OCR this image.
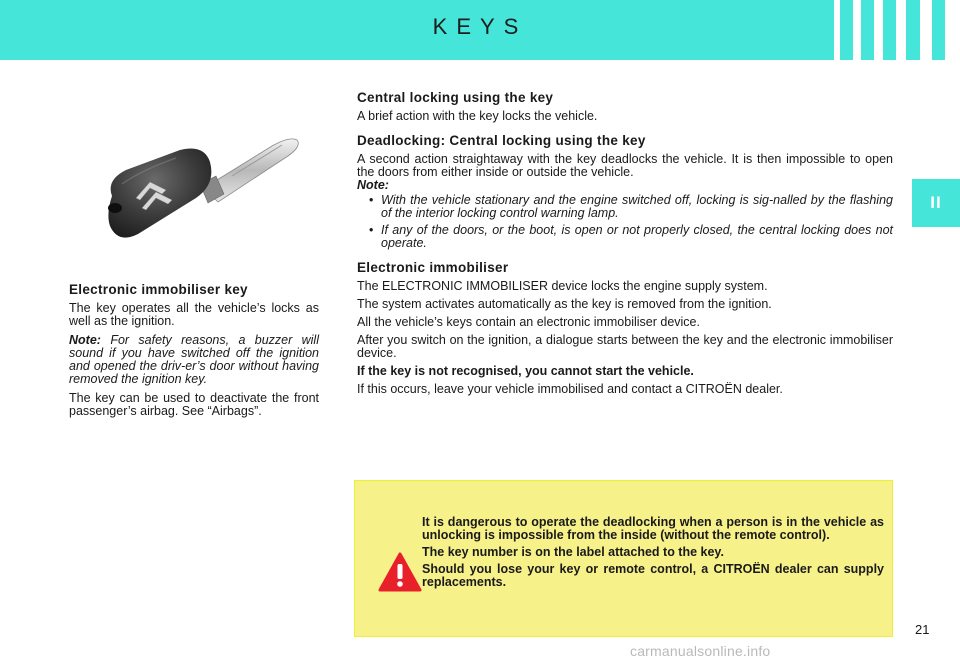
KEYS
II
Electronic immobiliser key

The key operates all the vehicle’s locks as well as the ignition.

Note: For safety reasons, a buzzer will sound if you have switched off the ignition and opened the driv-er’s door without having removed the ignition key.

The key can be used to deactivate the front passenger’s airbag. See “Airbags”.

Central locking using the key

A brief action with the key locks the vehicle.

Deadlocking: Central locking using the key

A second action straightaway with the key deadlocks the vehicle. It is then impossible to open the doors from either inside or outside the vehicle.

Note:

• With the vehicle stationary and the engine switched off, locking is sig-nalled by the flashing of the interior locking control warning lamp.
• If any of the doors, or the boot, is open or not properly closed, the central locking does not operate.
Electronic immobiliser

The ELECTRONIC IMMOBILISER device locks the engine supply system.

The system activates automatically as the key is removed from the ignition.

All the vehicle’s keys contain an electronic immobiliser device.

After you switch on the ignition, a dialogue starts between the key and the electronic immobiliser device.

If the key is not recognised, you cannot start the vehicle.

If this occurs, leave your vehicle immobilised and contact a CITROËN dealer.

It is dangerous to operate the deadlocking when a person is in the vehicle as unlocking is impossible from the inside (without the remote control).

The key number is on the label attached to the key.

Should you lose your key or remote control, a CITROËN dealer can supply replacements.

21
carmanualsonline.info
